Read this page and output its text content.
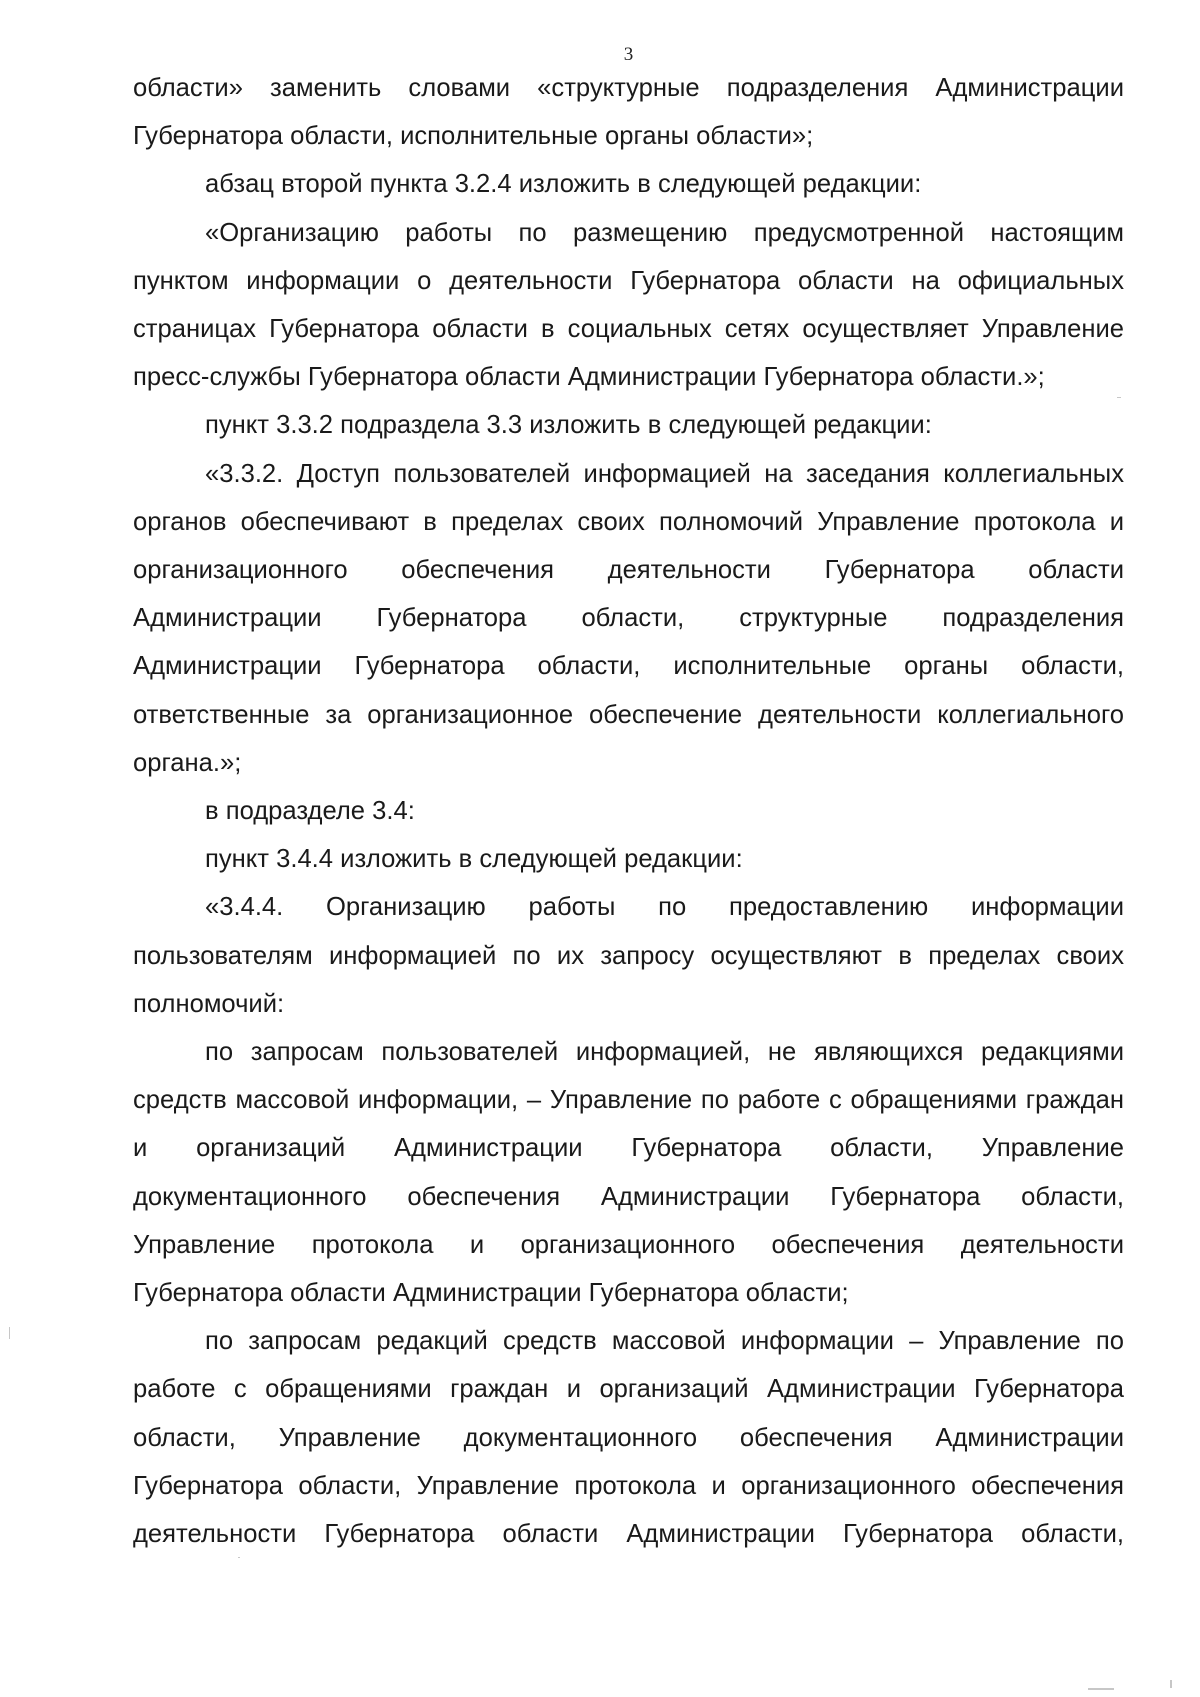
3

области» заменить словами «структурные подразделения Администрации Губернатора области, исполнительные органы области»;

абзац второй пункта 3.2.4 изложить в следующей редакции:

«Организацию работы по размещению предусмотренной настоящим пунктом информации о деятельности Губернатора области на официальных страницах Губернатора области в социальных сетях осуществляет Управление пресс-службы Губернатора области Администрации Губернатора области.»;

пункт 3.3.2 подраздела 3.3 изложить в следующей редакции:

«3.3.2. Доступ пользователей информацией на заседания коллегиальных органов обеспечивают в пределах своих полномочий Управление протокола и организационного обеспечения деятельности Губернатора области Администрации Губернатора области, структурные подразделения Администрации Губернатора области, исполнительные органы области, ответственные за организационное обеспечение деятельности коллегиального органа.»;

в подразделе 3.4:

пункт 3.4.4 изложить в следующей редакции:

«3.4.4. Организацию работы по предоставлению информации пользователям информацией по их запросу осуществляют в пределах своих полномочий:

по запросам пользователей информацией, не являющихся редакциями средств массовой информации, – Управление по работе с обращениями граждан и организаций Администрации Губернатора области, Управление документационного обеспечения Администрации Губернатора области, Управление протокола и организационного обеспечения деятельности Губернатора области Администрации Губернатора области;

по запросам редакций средств массовой информации – Управление по работе с обращениями граждан и организаций Администрации Губернатора области, Управление документационного обеспечения Администрации Губернатора области, Управление протокола и организационного обеспечения деятельности Губернатора области Администрации Губернатора области,
